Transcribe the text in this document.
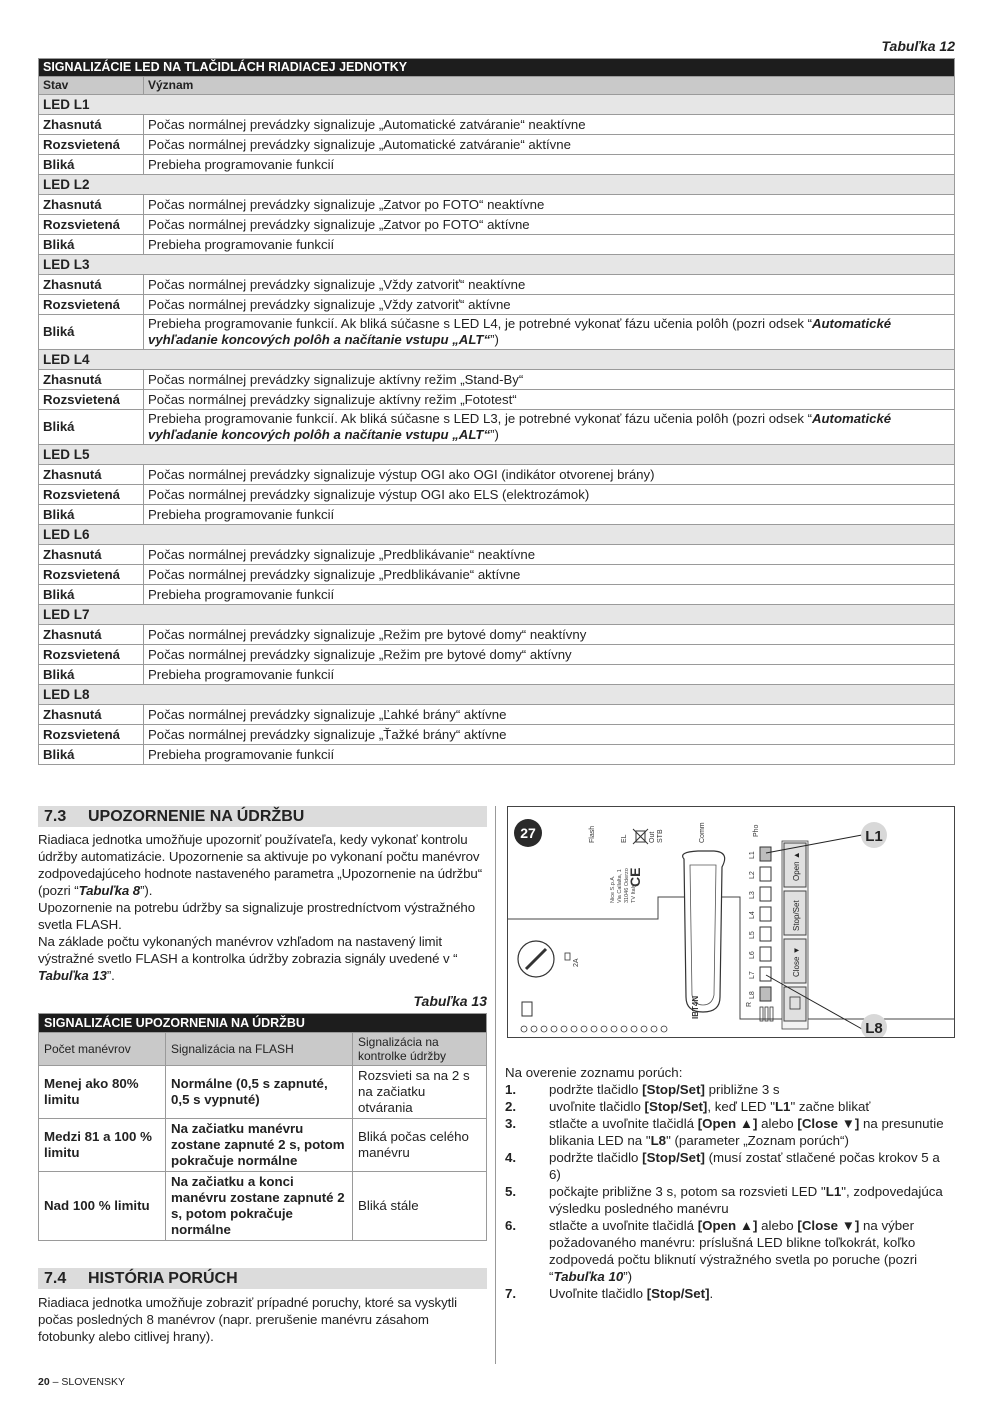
Tabuľka 12
SIGNALIZÁCIE LED NA TLAČIDLÁCH RIADIACEJ JEDNOTKY	
Stav	Význam
LED L1	
Zhasnutá	Počas normálnej prevádzky signalizuje „Automatické zatváranie“ neaktívne
Rozsvietená	Počas normálnej prevádzky signalizuje „Automatické zatváranie“ aktívne
Bliká	Prebieha programovanie funkcií
LED L2	
Zhasnutá	Počas normálnej prevádzky signalizuje „Zatvor po FOTO“ neaktívne
Rozsvietená	Počas normálnej prevádzky signalizuje „Zatvor po FOTO“ aktívne
Bliká	Prebieha programovanie funkcií
LED L3	
Zhasnutá	Počas normálnej prevádzky signalizuje „Vždy zatvoriť“ neaktívne
Rozsvietená	Počas normálnej prevádzky signalizuje „Vždy zatvoriť“ aktívne
Bliká	Prebieha programovanie funkcií. Ak bliká súčasne s LED L4, je potrebné vykonať fázu učenia polôh (pozri odsek “Automatické vyhľadanie koncových polôh a načítanie vstupu „ALT“”)
LED L4	
Zhasnutá	Počas normálnej prevádzky signalizuje aktívny režim „Stand-By“
Rozsvietená	Počas normálnej prevádzky signalizuje aktívny režim „Fototest“
Bliká	Prebieha programovanie funkcií. Ak bliká súčasne s LED L3, je potrebné vykonať fázu učenia polôh (pozri odsek “Automatické vyhľadanie koncových polôh a načítanie vstupu „ALT“”)
LED L5	
Zhasnutá	Počas normálnej prevádzky signalizuje výstup OGI ako OGI (indikátor otvorenej brány)
Rozsvietená	Počas normálnej prevádzky signalizuje výstup OGI ako ELS (elektrozámok)
Bliká	Prebieha programovanie funkcií
LED L6	
Zhasnutá	Počas normálnej prevádzky signalizuje „Predblikávanie“ neaktívne
Rozsvietená	Počas normálnej prevádzky signalizuje „Predblikávanie“ aktívne
Bliká	Prebieha programovanie funkcií
LED L7	
Zhasnutá	Počas normálnej prevádzky signalizuje „Režim pre bytové domy“ neaktívny
Rozsvietená	Počas normálnej prevádzky signalizuje „Režim pre bytové domy“ aktívny
Bliká	Prebieha programovanie funkcií
LED L8	
Zhasnutá	Počas normálnej prevádzky signalizuje „Ľahké brány“ aktívne
Rozsvietená	Počas normálnej prevádzky signalizuje „Ťažké brány“ aktívne
Bliká	Prebieha programovanie funkcií
7.3 UPOZORNENIE NA ÚDRŽBU

Riadiaca jednotka umožňuje upozorniť používateľa, kedy vykonať kontrolu údržby automatizácie. Upozornenie sa aktivuje po vykonaní počtu manévrov zodpovedajúceho hodnote nastaveného parametra „Upozornenie na údržbu“ (pozri “Tabuľka 8”).

Upozornenie na potrebu údržby sa signalizuje prostredníctvom výstražného svetla FLASH.

Na základe počtu vykonaných manévrov vzhľadom na nastavený limit výstražné svetlo FLASH a kontrolka údržby zobrazia signály uvedené v “ Tabuľka 13”.

Tabuľka 13
SIGNALIZÁCIE UPOZORNENIA NA ÚDRŽBU		
Počet manévrov	Signalizácia na FLASH	Signalizácia na kontrolke údržby
Menej ako 80% limitu	Normálne (0,5 s zapnuté, 0,5 s vypnuté)	Rozsvieti sa na 2 s na začiatku otvárania
Medzi 81 a 100 % limitu	Na začiatku manévru zostane zapnuté 2 s, potom pokračuje normálne	Bliká počas celého manévru
Nad 100 % limitu	Na začiatku a konci manévru zostane zapnuté 2 s, potom pokračuje normálne	Bliká stále
7.4 HISTÓRIA PORÚCH

Riadiaca jednotka umožňuje zobraziť prípadné poruchy, ktoré sa vyskytli počas posledných 8 manévrov (napr. prerušenie manévru zásahom fotobunky alebo citlivej hrany).

27	Flash	EL	Out STB	Comm	Pho
CE
Nice S.p.A. Via Callalta, 1 31046 Oderzo TV Italy
IBT4N
2A
L1
L2
L3
L4
L5
L6
L7
L8
R
Open ▲
Stop/Set
Close ▼
L1
L8
Na overenie zoznamu porúch:
1.	podržte tlačidlo [Stop/Set] približne 3 s
2.	uvoľnite tlačidlo [Stop/Set], keď LED "L1" začne blikať
3.	stlačte a uvoľnite tlačidlá [Open ▲] alebo [Close ▼] na presunutie blikania LED na "L8" (parameter „Zoznam porúch“)
4.	podržte tlačidlo [Stop/Set] (musí zostať stlačené počas krokov 5 a 6)
5.	počkajte približne 3 s, potom sa rozsvieti LED "L1", zodpovedajúca výsledku posledného manévru
6.	stlačte a uvoľnite tlačidlá [Open ▲] alebo [Close ▼] na výber požadovaného manévru: príslušná LED blikne toľkokrát, koľko zodpovedá počtu bliknutí výstražného svetla po poruche (pozri “Tabuľka 10”)
7.	Uvoľnite tlačidlo [Stop/Set].
20 – SLOVENSKY
